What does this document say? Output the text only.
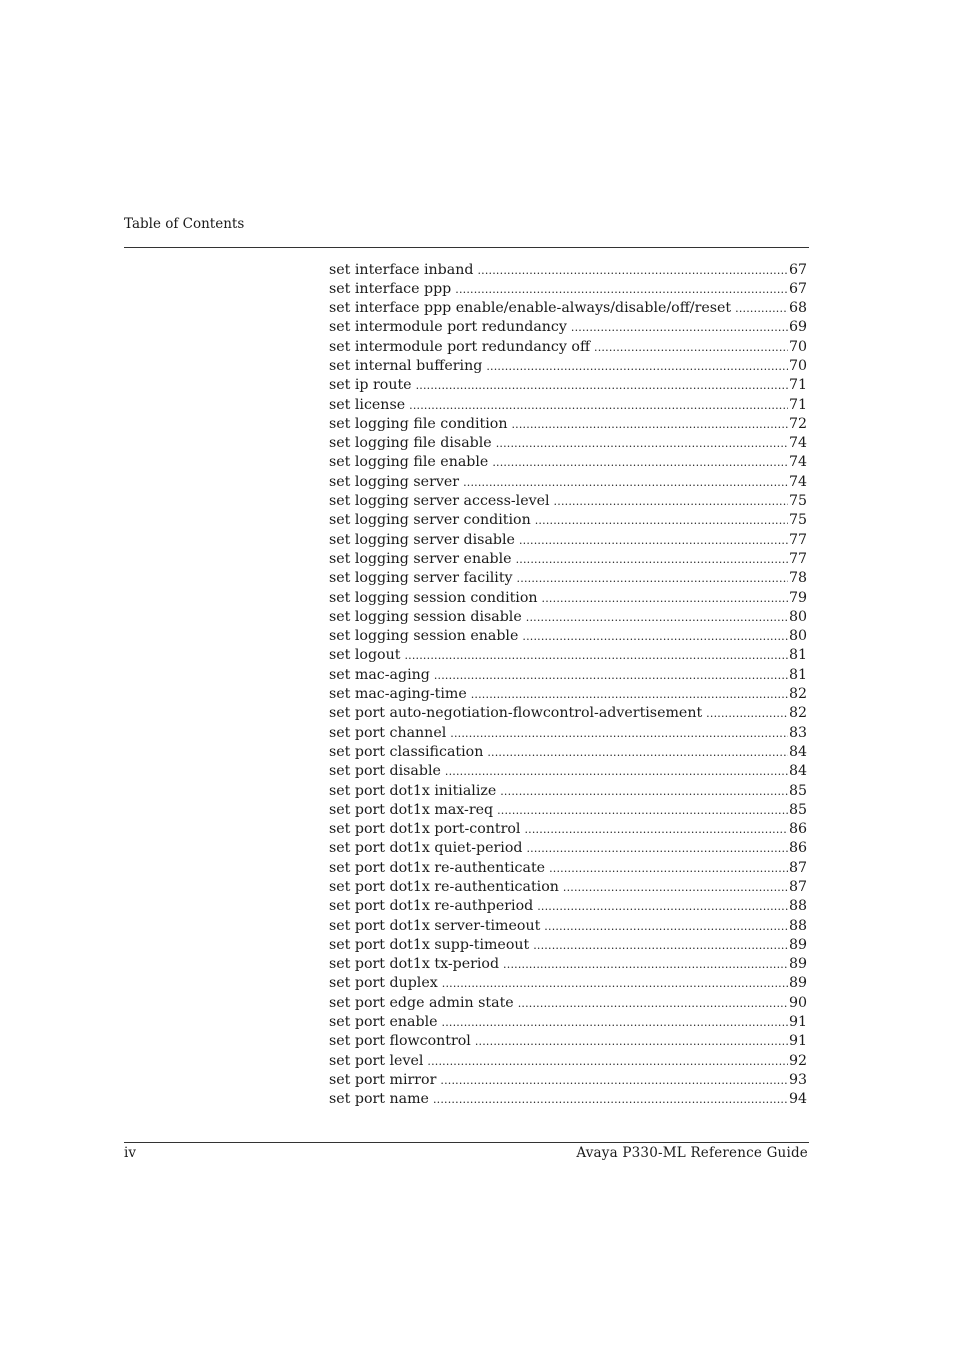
Table of Contents
set interface inband .....	67
set interface ppp .....	67
set interface ppp enable/enable-always/disable/off/reset .....	68
set intermodule port redundancy .....	69
set intermodule port redundancy off .....	70
set internal buffering .....	70
set ip route .....	71
set license .....	71
set logging file condition .....	72
set logging file disable .....	74
set logging file enable .....	74
set logging server .....	74
set logging server access-level .....	75
set logging server condition .....	75
set logging server disable .....	77
set logging server enable .....	77
set logging server facility .....	78
set logging session condition .....	79
set logging session disable .....	80
set logging session enable .....	80
set logout .....	81
set mac-aging .....	81
set mac-aging-time .....	82
set port auto-negotiation-flowcontrol-advertisement .....	82
set port channel .....	83
set port classification .....	84
set port disable .....	84
set port dot1x initialize .....	85
set port dot1x max-req .....	85
set port dot1x port-control .....	86
set port dot1x quiet-period .....	86
set port dot1x re-authenticate .....	87
set port dot1x re-authentication .....	87
set port dot1x re-authperiod .....	88
set port dot1x server-timeout .....	88
set port dot1x supp-timeout .....	89
set port dot1x tx-period .....	89
set port duplex .....	89
set port edge admin state .....	90
set port enable .....	91
set port flowcontrol .....	91
set port level .....	92
set port mirror .....	93
set port name .....	94
iv	Avaya P330-ML Reference Guide
